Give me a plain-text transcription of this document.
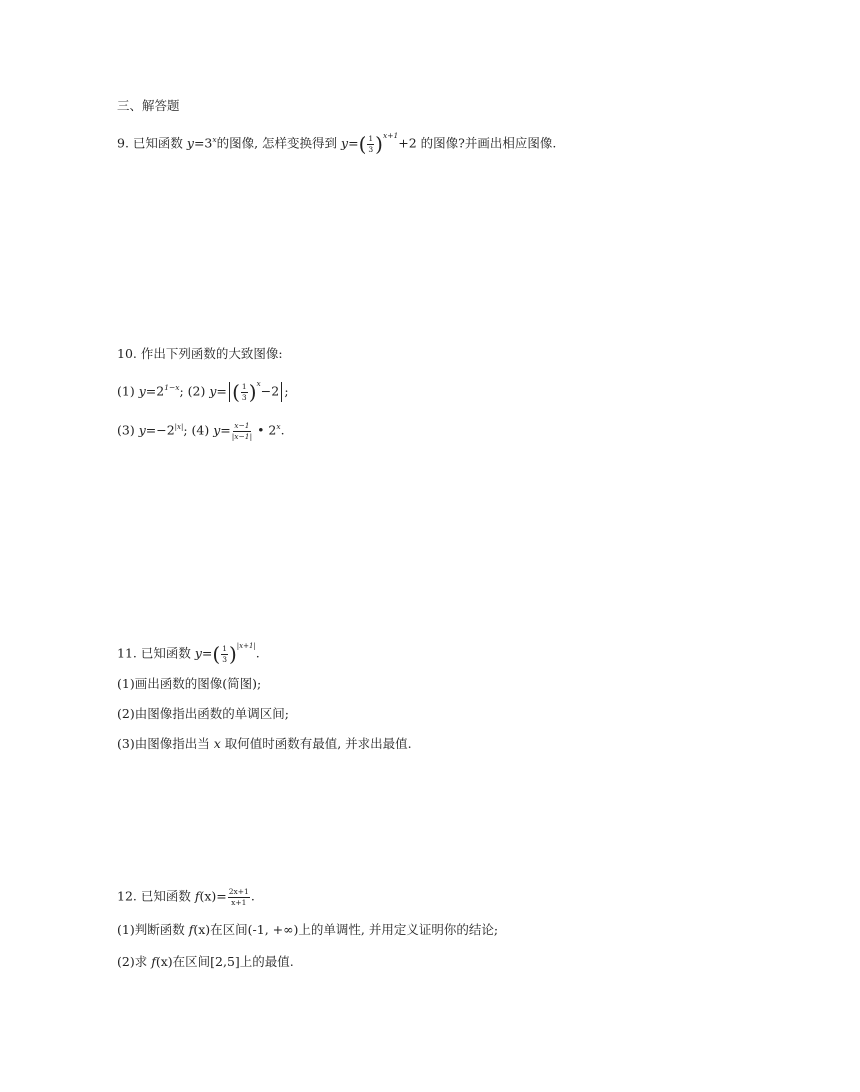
三、解答题
9. 已知函数 $y=3^x$的图像, 怎样变换得到 $y=( \frac{1}{3} )^{x+1}+2$ 的图像?并画出相应图像.
10. 作出下列函数的大致图像:
(1) $y=2^{1-x}$; (2) y= ( $\frac{1}{3} )^x-2$ ;
(3) $y=-2^{|x|}$; (4) $y= \frac{x-1}{|x-1|}$ • 2$^x$.
11. 已知函数 $y=( \frac{1}{3} )^{|x+1|}$.
(1)画出函数的图像(简图);
(2)由图像指出函数的单调区间;
(3)由图像指出当 x 取何值时函数有最值, 并求出最值.
12. 已知函数 $f(x)= \frac{2x+1}{x+1}$ .
(1)判断函数 f(x)在区间(-1, +∞)上的单调性, 并用定义证明你的结论;
(2)求 f(x)在区间[2,5]上的最值.
